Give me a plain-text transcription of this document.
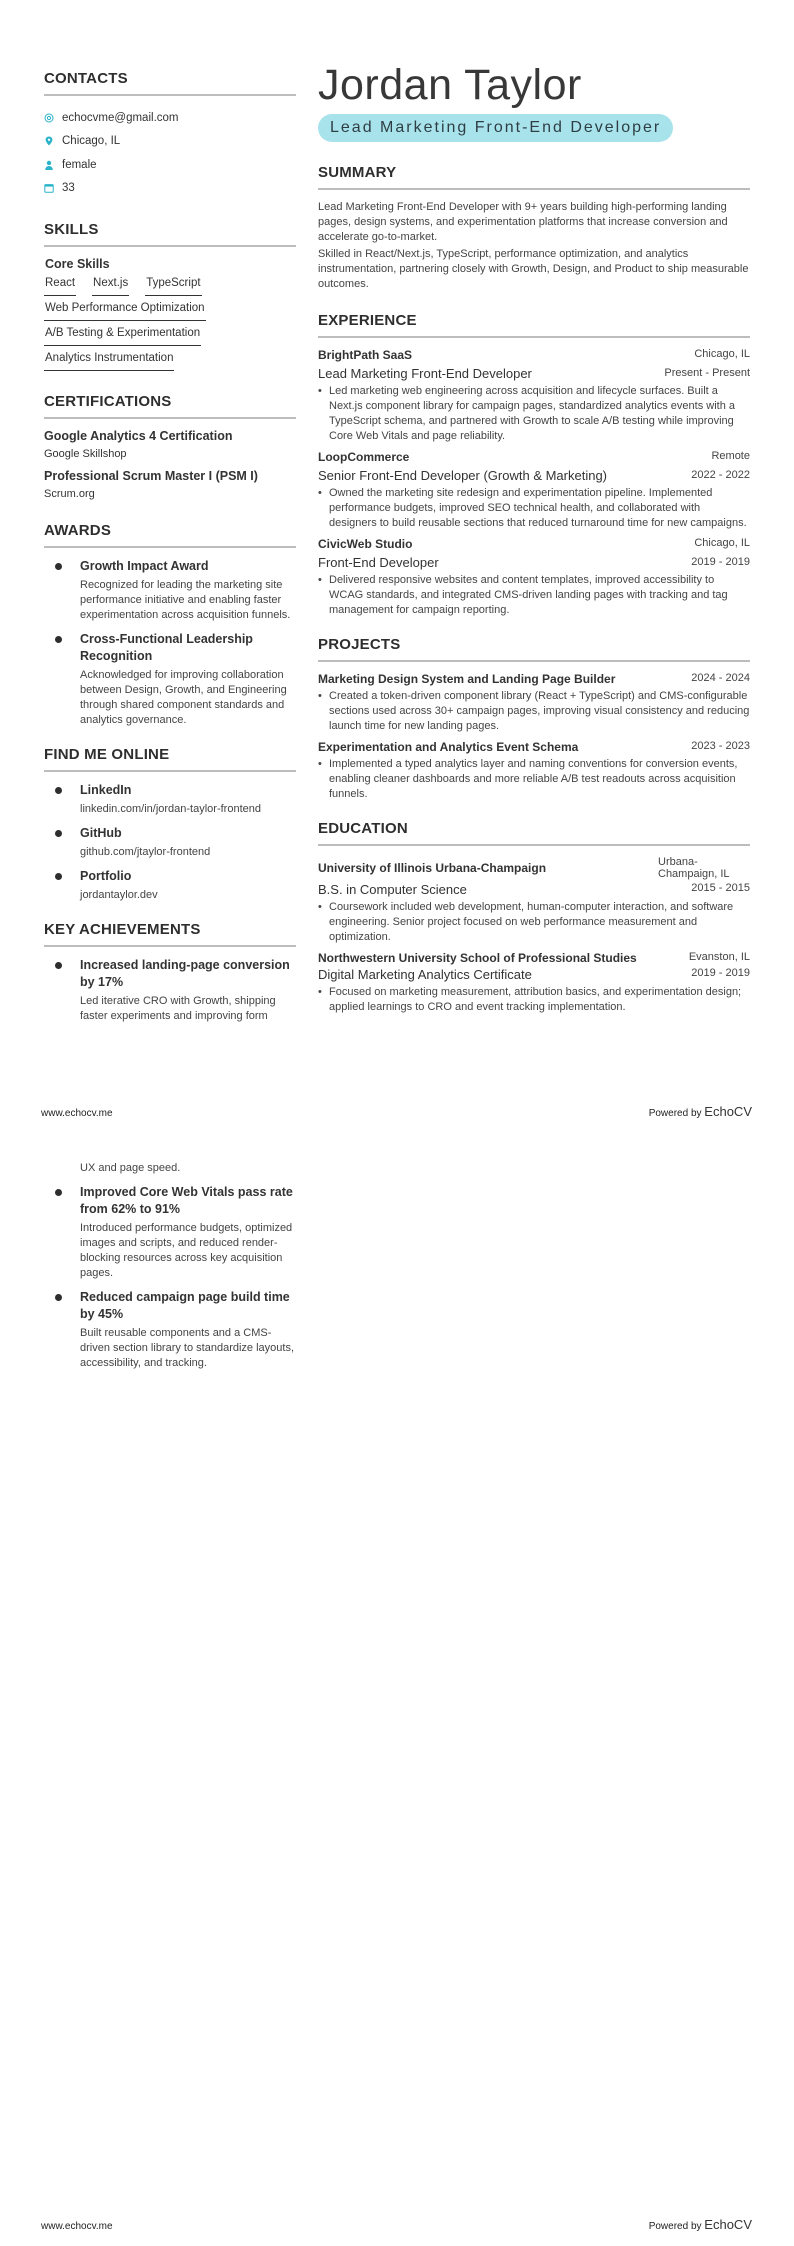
CONTACTS
echocvme@gmail.com
Chicago, IL
female
33
SKILLS
Core Skills
React Next.js TypeScript
Web Performance Optimization
A/B Testing & Experimentation
Analytics Instrumentation
CERTIFICATIONS
Google Analytics 4 Certification
Google Skillshop
Professional Scrum Master I (PSM I)
Scrum.org
AWARDS
Growth Impact Award
Recognized for leading the marketing site performance initiative and enabling faster experimentation across acquisition funnels.
Cross-Functional Leadership Recognition
Acknowledged for improving collaboration between Design, Growth, and Engineering through shared component standards and analytics governance.
FIND ME ONLINE
LinkedIn
linkedin.com/in/jordan-taylor-frontend
GitHub
github.com/jtaylor-frontend
Portfolio
jordantaylor.dev
KEY ACHIEVEMENTS
Increased landing-page conversion by 17%
Led iterative CRO with Growth, shipping faster experiments and improving form
Jordan Taylor
Lead Marketing Front-End Developer
SUMMARY

Lead Marketing Front-End Developer with 9+ years building high-performing landing pages, design systems, and experimentation platforms that increase conversion and accelerate go-to-market.

Skilled in React/Next.js, TypeScript, performance optimization, and analytics instrumentation, partnering closely with Growth, Design, and Product to ship measurable outcomes.

EXPERIENCE
BrightPath SaaS	Chicago, IL
Lead Marketing Front-End Developer	Present - Present
• Led marketing web engineering across acquisition and lifecycle surfaces. Built a Next.js component library for campaign pages, standardized analytics events with a TypeScript schema, and partnered with Growth to scale A/B testing while improving Core Web Vitals and page reliability.
LoopCommerce	Remote
Senior Front-End Developer (Growth & Marketing)	2022 - 2022
• Owned the marketing site redesign and experimentation pipeline. Implemented performance budgets, improved SEO technical health, and collaborated with designers to build reusable sections that reduced turnaround time for new campaigns.
CivicWeb Studio	Chicago, IL
Front-End Developer	2019 - 2019
• Delivered responsive websites and content templates, improved accessibility to WCAG standards, and integrated CMS-driven landing pages with tracking and tag management for campaign reporting.
PROJECTS
Marketing Design System and Landing Page Builder	2024 - 2024
• Created a token-driven component library (React + TypeScript) and CMS-configurable sections used across 30+ campaign pages, improving visual consistency and reducing launch time for new landing pages.
Experimentation and Analytics Event Schema	2023 - 2023
• Implemented a typed analytics layer and naming conventions for conversion events, enabling cleaner dashboards and more reliable A/B test readouts across acquisition funnels.
EDUCATION
University of Illinois Urbana-Champaign	Urbana-Champaign, IL
B.S. in Computer Science	2015 - 2015
• Coursework included web development, human-computer interaction, and software engineering. Senior project focused on web performance measurement and optimization.
Northwestern University School of Professional Studies	Evanston, IL
Digital Marketing Analytics Certificate	2019 - 2019
• Focused on marketing measurement, attribution basics, and experimentation design; applied learnings to CRO and event tracking implementation.
www.echocv.me	Powered by EchoCV
UX and page speed.
Improved Core Web Vitals pass rate from 62% to 91%
Introduced performance budgets, optimized images and scripts, and reduced render-blocking resources across key acquisition pages.
Reduced campaign page build time by 45%
Built reusable components and a CMS-driven section library to standardize layouts, accessibility, and tracking.
www.echocv.me	Powered by EchoCV
